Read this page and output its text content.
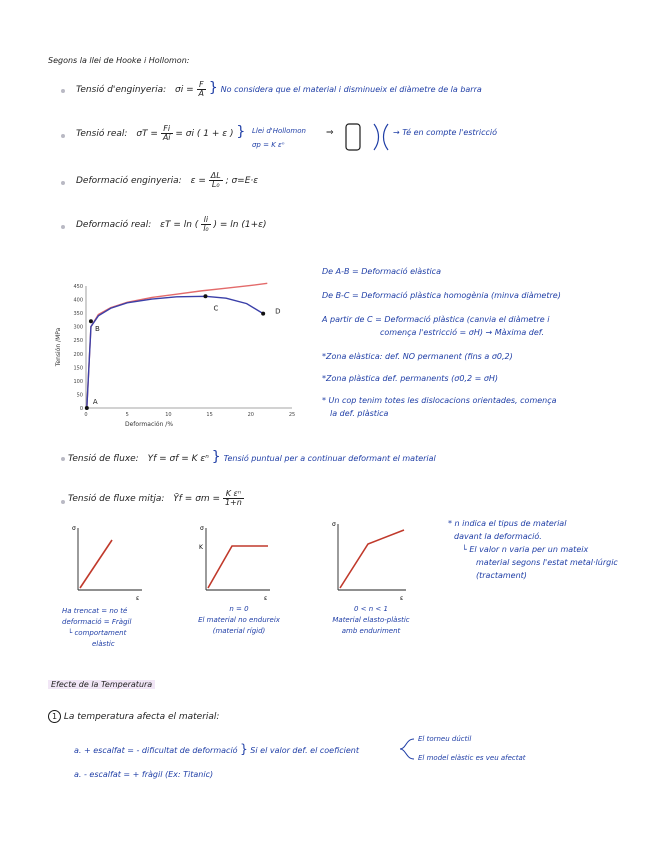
Segons la llei de Hooke i Hollomon:
Tensió d'enginyeria: $\sigma i = \frac{F}{A}$ } No considera que el material i disminueix el diàmetre de la barra
Tensió real: $\sigma T = \frac{Fi}{Ai} = \sigma i$ ( 1 + ε ) } Llei d'Hollomon
σp = K εⁿ
⇒	→ Té en compte l'estricció
Deformació enginyeria: $\varepsilon = \frac{\Delta L}{\text{L₀}}$ ; σ=E·ε
Deformació real: εT = ln ( $\frac{li}{\text{l₀}}$ ) = ln (1+ε)
0
50
100
150
200
250
300
350
400
450
0	5	10	15	20	25
A
B
C	D
Deformación /%
Tensión /MPa
De A-B = Deformació elàstica
De B-C = Deformació plàstica homogènia (minva diàmetre)
A partir de C = Deformació plàstica (canvia el diàmetre i
comença l'estricció = σH) → Màxima def.
*Zona elàstica: def. NO permanent (fins a σ0,2)
*Zona plàstica def. permanents (σ0,2 = σH)
* Un cop tenim totes les dislocacions orientades, comença
la def. plàstica
Tensió de fluxe: Yf = σf = K εⁿ } Tensió puntual per a continuar deformant el material
Tensió de fluxe mitja: Ȳf = $\sigma m = \frac{\text{K εⁿ}}{1+n}$
σ
ε
Ha trencat = no té
deformació = Fràgil
└ comportament
elàstic
σ
K
ε
n = 0
El material no endureix
(material rígid)
σ
ε
0 < n < 1
Material elasto-plàstic
amb enduriment
* n indica el tipus de material
davant la deformació.
└ El valor n varia per un mateix
material segons l'estat metal·lúrgic
(tractament)
Efecte de la Temperatura
1 La temperatura afecta el material:
a. + escalfat = - dificultat de deformació } Si el valor def. el coeficient
El torneu dúctil
El model elàstic es veu afectat
a. - escalfat = + fràgil (Ex: Titanic)
